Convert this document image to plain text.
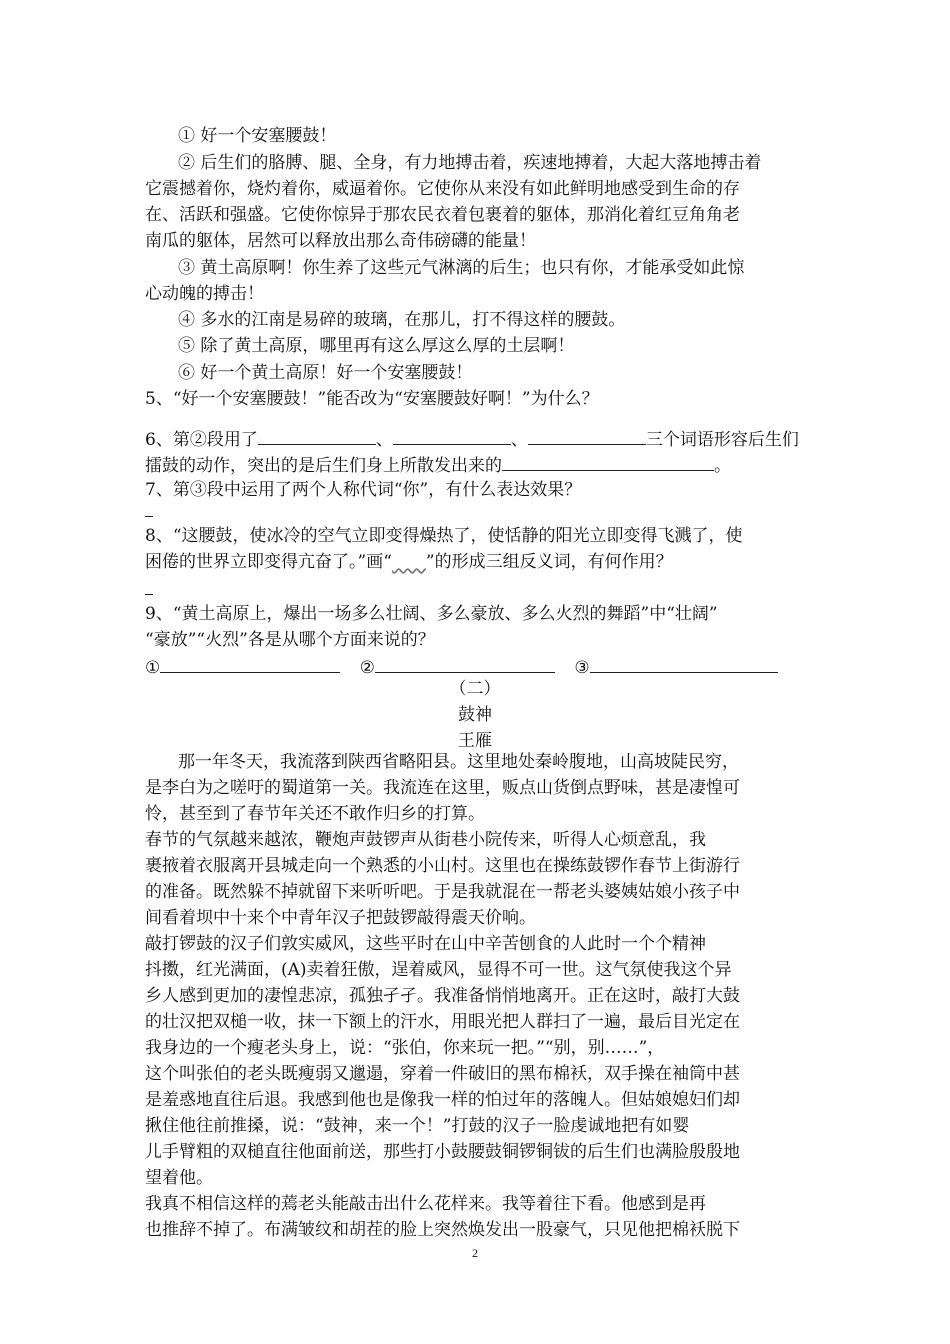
① 好一个安塞腰鼓！
② 后生们的胳膊、腿、全身，有力地搏击着，疾速地搏着，大起大落地搏击着
它震撼着你，烧灼着你，威逼着你。它使你从来没有如此鲜明地感受到生命的存
在、活跃和强盛。它使你惊异于那农民衣着包裹着的躯体，那消化着红豆角角老
南瓜的躯体，居然可以释放出那么奇伟磅礴的能量！
③ 黄土高原啊！你生养了这些元气淋漓的后生；也只有你，才能承受如此惊
心动魄的搏击！
④ 多水的江南是易碎的玻璃，在那儿，打不得这样的腰鼓。
⑤ 除了黄土高原，哪里再有这么厚这么厚的土层啊！
⑥ 好一个黄土高原！好一个安塞腰鼓！
5、“好一个安塞腰鼓！”能否改为“安塞腰鼓好啊！”为什么？
6、第②段用了	、	、	三个词语形容后生们
擂鼓的动作，突出的是后生们身上所散发出来的	。
7、第③段中运用了两个人称代词“你”，有什么表达效果？
8、“这腰鼓，使冰冷的空气立即变得燥热了，使恬静的阳光立即变得飞溅了，使
困倦的世界立即变得亢奋了。”画“　　 ”的形成三组反义词，有何作用？
9、“黄土高原上，爆出一场多么壮阔、多么豪放、多么火烈的舞蹈”中“壮阔”
“豪放”“火烈”各是从哪个方面来说的？
①	②	③
（二）
鼓神
王雁
那一年冬天，我流落到陕西省略阳县。这里地处秦岭腹地，山高坡陡民穷，
是李白为之嗟吁的蜀道第一关。我流连在这里，贩点山货倒点野味，甚是凄惶可
怜，甚至到了春节年关还不敢作归乡的打算。
春节的气氛越来越浓，鞭炮声鼓锣声从街巷小院传来，听得人心烦意乱，我
裹掖着衣服离开县城走向一个熟悉的小山村。这里也在操练鼓锣作春节上街游行
的准备。既然躲不掉就留下来听听吧。于是我就混在一帮老头婆姨姑娘小孩子中
间看着坝中十来个中青年汉子把鼓锣敲得震天价响。
敲打锣鼓的汉子们敦实威风，这些平时在山中辛苦刨食的人此时一个个精神
抖擞，红光满面，(A)卖着狂傲，逞着威风，显得不可一世。这气氛使我这个异
乡人感到更加的凄惶悲凉，孤独孑孑。我准备悄悄地离开。正在这时，敲打大鼓
的壮汉把双槌一收，抹一下额上的汗水，用眼光把人群扫了一遍，最后目光定在
我身边的一个瘦老头身上，说：“张伯，你来玩一把。”“别，别……”，
这个叫张伯的老头既瘦弱又邋遢，穿着一件破旧的黑布棉袄，双手操在袖筒中甚
是羞惑地直往后退。我感到他也是像我一样的怕过年的落魄人。但姑娘媳妇们却
揪住他往前推搡，说：“鼓神，来一个！”打鼓的汉子一脸虔诚地把有如婴
儿手臂粗的双槌直往他面前送，那些打小鼓腰鼓铜锣铜钹的后生们也满脸殷殷地
望着他。
我真不相信这样的蔫老头能敲击出什么花样来。我等着往下看。他感到是再
也推辞不掉了。布满皱纹和胡茬的脸上突然焕发出一股豪气，只见他把棉袄脱下
2
